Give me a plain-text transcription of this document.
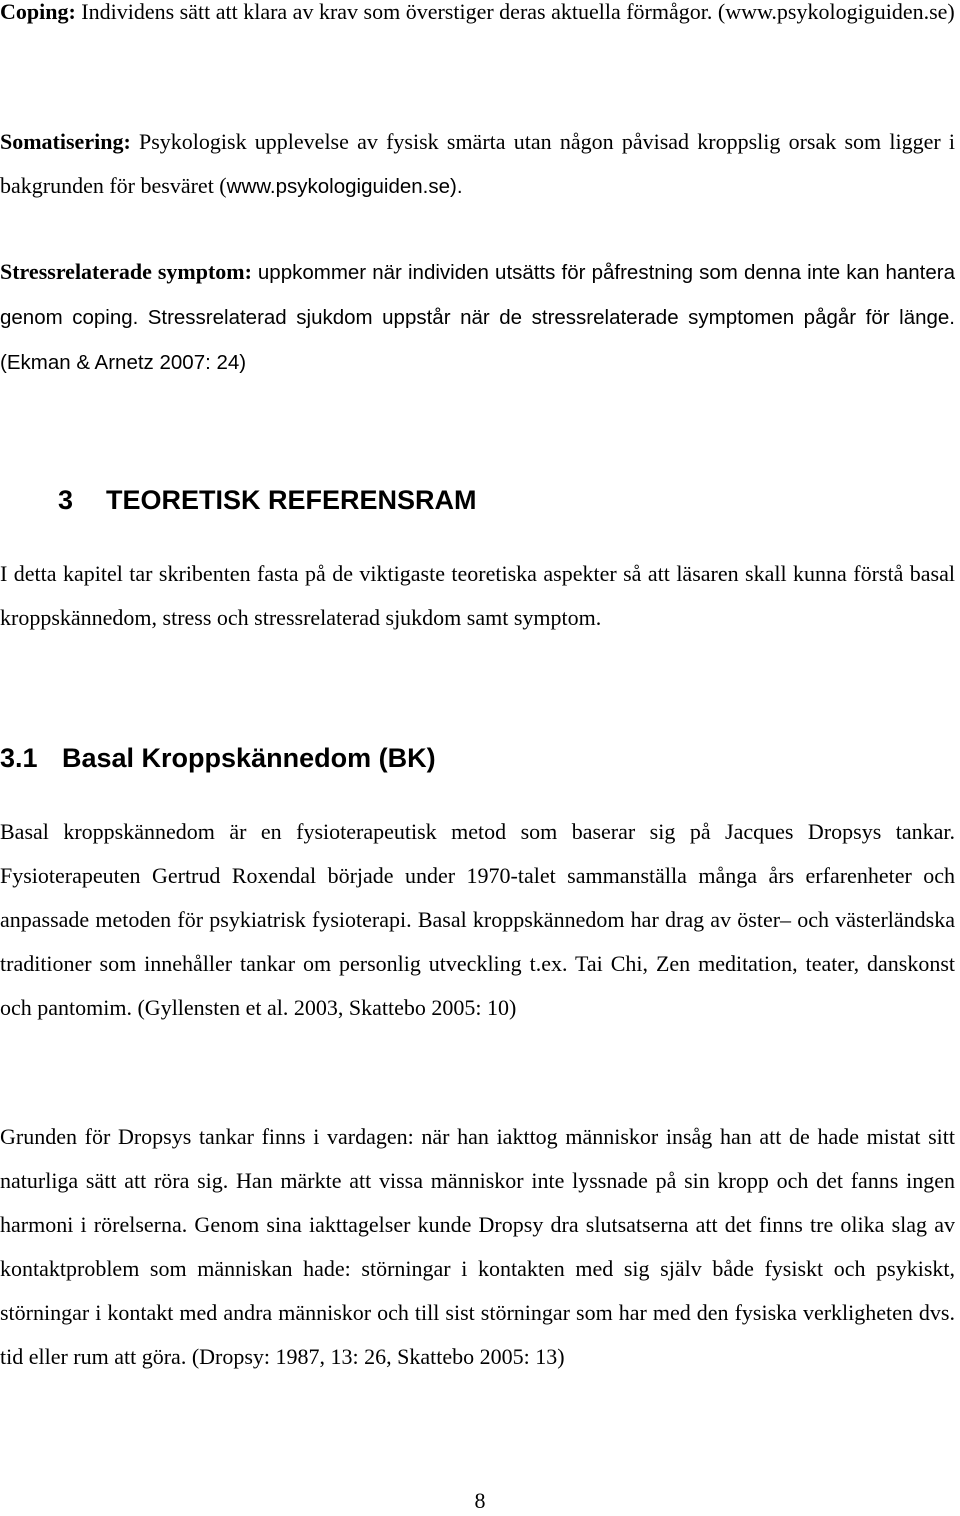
Coping: Individens sätt att klara av krav som överstiger deras aktuella förmågor. (www.psykologiguiden.se)

Somatisering: Psykologisk upplevelse av fysisk smärta utan någon påvisad kroppslig orsak som ligger i bakgrunden för besväret (www.psykologiguiden.se).

Stressrelaterade symptom: uppkommer när individen utsätts för påfrestning som denna inte kan hantera genom coping. Stressrelaterad sjukdom uppstår när de stressrelaterade symptomen pågår för länge. (Ekman & Arnetz 2007: 24)

3 TEORETISK REFERENSRAM

I detta kapitel tar skribenten fasta på de viktigaste teoretiska aspekter så att läsaren skall kunna förstå basal kroppskännedom, stress och stressrelaterad sjukdom samt symptom.

3.1 Basal Kroppskännedom (BK)

Basal kroppskännedom är en fysioterapeutisk metod som baserar sig på Jacques Dropsys tankar. Fysioterapeuten Gertrud Roxendal började under 1970-talet sammanställa många års erfarenheter och anpassade metoden för psykiatrisk fysioterapi. Basal kroppskännedom har drag av öster– och västerländska traditioner som innehåller tankar om personlig utveckling t.ex. Tai Chi, Zen meditation, teater, danskonst och pantomim. (Gyllensten et al. 2003, Skattebo 2005: 10)

Grunden för Dropsys tankar finns i vardagen: när han iakttog människor insåg han att de hade mistat sitt naturliga sätt att röra sig. Han märkte att vissa människor inte lyssnade på sin kropp och det fanns ingen harmoni i rörelserna. Genom sina iakttagelser kunde Dropsy dra slutsatserna att det finns tre olika slag av kontaktproblem som människan hade: störningar i kontakten med sig själv både fysiskt och psykiskt, störningar i kontakt med andra människor och till sist störningar som har med den fysiska verkligheten dvs. tid eller rum att göra. (Dropsy: 1987, 13: 26, Skattebo 2005: 13)

8
